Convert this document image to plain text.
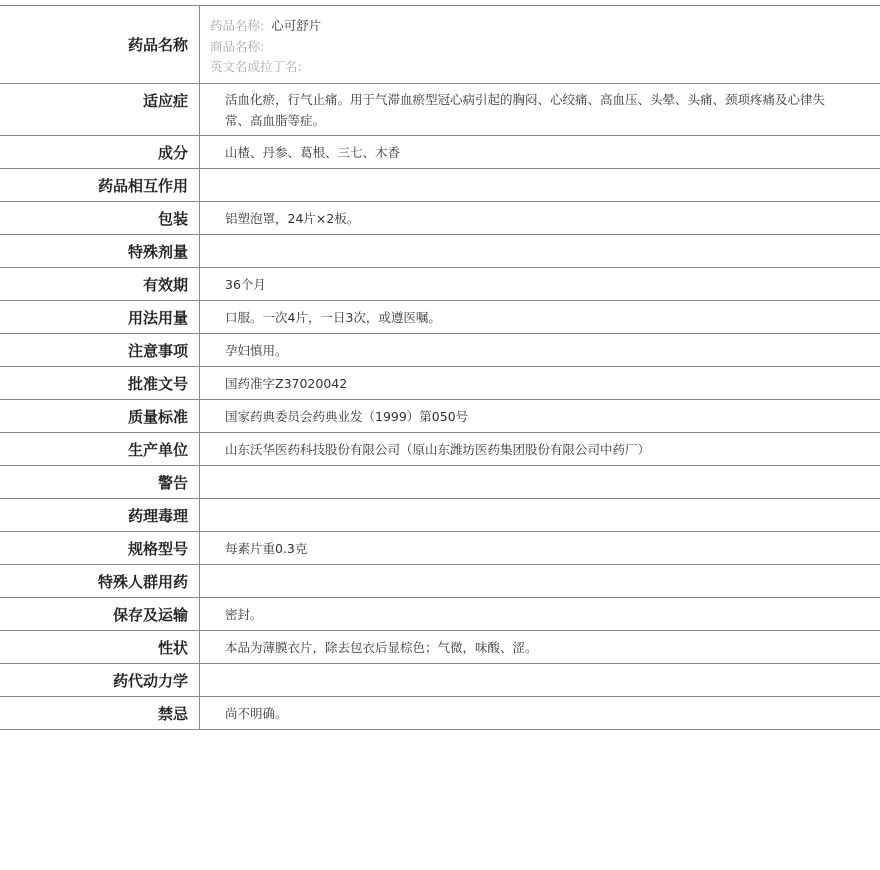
药品名称
药品名称: 心可舒片
商品名称:
英文名或拉丁名:
适应症	活血化瘀，行气止痛。用于气滞血瘀型冠心病引起的胸闷、心绞痛、高血压、头晕、头痛、颈项疼痛及心律失常、高血脂等症。
成分	山楂、丹参、葛根、三七、木香
药品相互作用
包装	铝塑泡罩，24片×2板。
特殊剂量
有效期	36个月
用法用量	口服。一次4片，一日3次，或遵医嘱。
注意事项	孕妇慎用。
批准文号	国药准字Z37020042
质量标准	国家药典委员会药典业发（1999）第050号
生产单位	山东沃华医药科技股份有限公司（原山东潍坊医药集团股份有限公司中药厂）
警告
药理毒理
规格型号	每素片重0.3克
特殊人群用药
保存及运输	密封。
性状	本品为薄膜衣片，除去包衣后显棕色；气微，味酸、涩。
药代动力学
禁忌	尚不明确。
